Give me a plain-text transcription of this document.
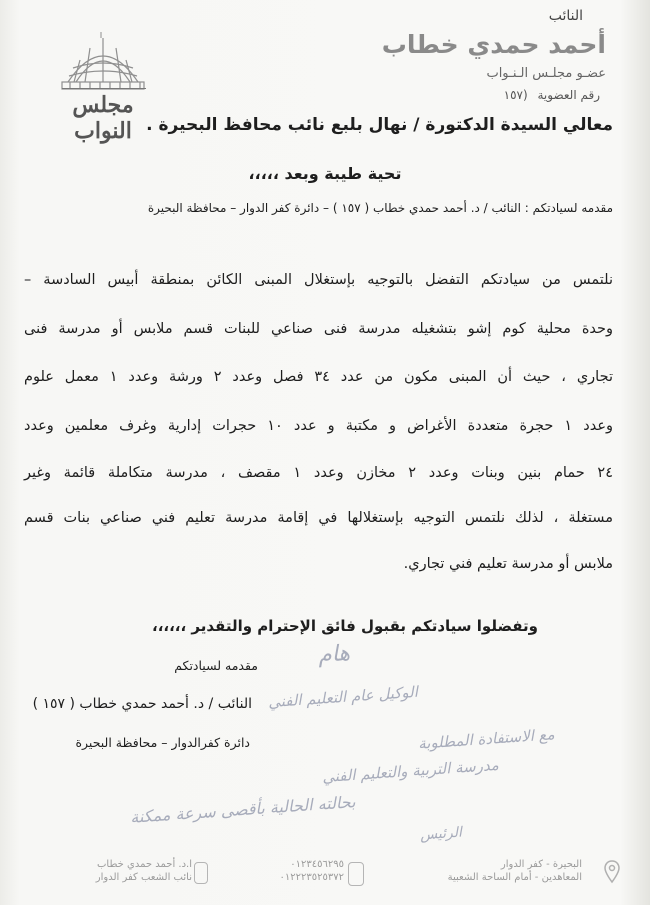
النائب
أحمد حمدي خطاب
عضـو مجلـس الـنـواب
رقم العضوية (١٥٧
مجلس النواب معالي السيدة الدكتورة / نهال بلبع نائب محافظ البحيرة .
تحية طيبة وبعد ،،،،،
مقدمه لسيادتكم : النائب / د. أحمد حمدي خطاب ( ١٥٧ ) – دائرة كفر الدوار – محافظة البحيرة
نلتمس من سيادتكم التفضل بالتوجيه بإستغلال المبنى الكائن بمنطقة أبيس السادسة –
وحدة محلية كوم إشو بتشغيله مدرسة فنى صناعي للبنات قسم ملابس أو مدرسة فنى
تجاري ، حيث أن المبنى مكون من عدد ٣٤ فصل وعدد ٢ ورشة وعدد ١ معمل علوم
وعدد ١ حجرة متعددة الأغراض و مكتبة و عدد ١٠ حجرات إدارية وغرف معلمين وعدد
٢٤ حمام بنين وبنات وعدد ٢ مخازن وعدد ١ مقصف ، مدرسة متكاملة قائمة وغير
مستغلة ، لذلك نلتمس التوجيه بإستغلالها في إقامة مدرسة تعليم فني صناعي بنات قسم
ملابس أو مدرسة تعليم فني تجاري.
وتفضلوا سيادتكم بقبول فائق الإحترام والتقدير ،،،،،،
مقدمه لسيادتكم
النائب / د. أحمد حمدي خطاب ( ١٥٧ )
دائرة كفرالدوار – محافظة البحيرة
هام
الوكيل عام التعليم الفني
مع الاستفادة المطلوبة
مدرسة التربية والتعليم الفني
بحالته الحالية بأقصى سرعة ممكنة
الرئيس
البحيرة - كفر الدوار
المعاهدين - أمام الساحة الشعبية
٠١٢٣٤٥٦٢٩٥
٠١٢٢٢٣٥٢٥٣٧٢
ا.د. أحمد حمدي خطاب
نائب الشعب كفر الدوار
